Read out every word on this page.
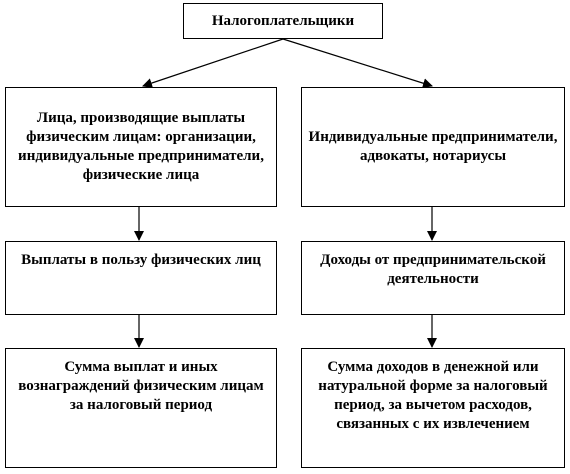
Налогоплательщики
Лица, производящие выплаты физическим лицам: организации, индивидуальные предприниматели, физические лица
Индивидуальные предприниматели, адвокаты, нотариусы
Выплаты в пользу физических лиц	Доходы от предпринимательской деятельности
Сумма выплат и иных вознаграждений физическим лицам за налоговый период
Сумма доходов в денежной или натуральной форме за налоговый период, за вычетом расходов, связанных с их извлечением
